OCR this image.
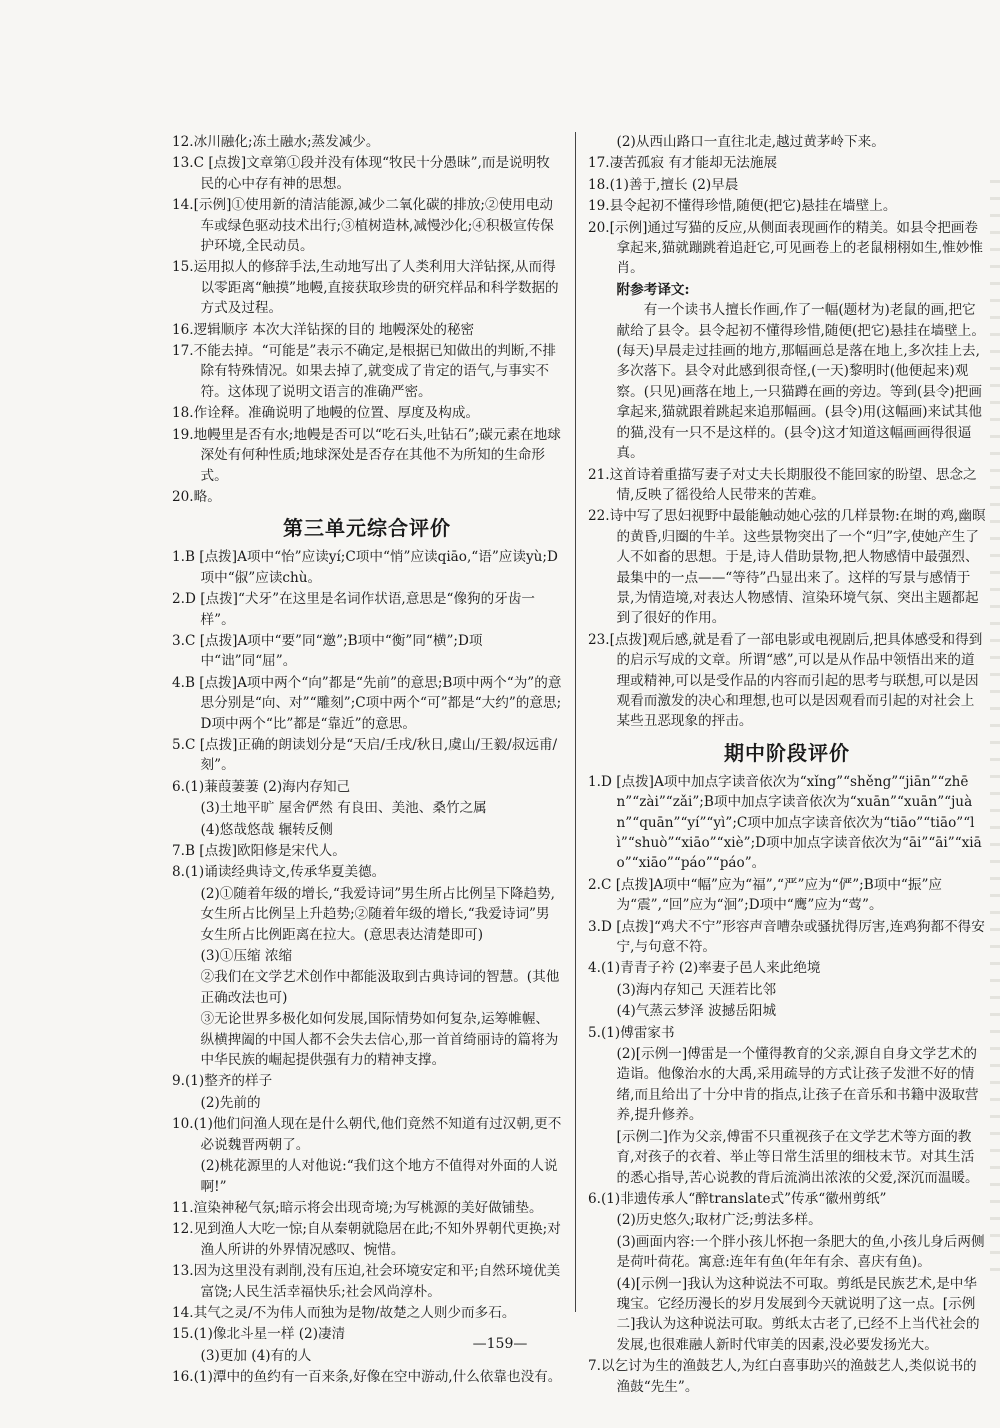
12.冰川融化;冻土融水;蒸发减少。
13.C [点拨]文章第①段并没有体现“牧民十分愚昧”,而是说明牧民的心中存有神的思想。
14.[示例]①使用新的清洁能源,减少二氧化碳的排放;②使用电动车或绿色驱动技术出行;③植树造林,减慢沙化;④积极宣传保护环境,全民动员。
15.运用拟人的修辞手法,生动地写出了人类利用大洋钻探,从而得以零距离“触摸”地幔,直接获取珍贵的研究样品和科学数据的方式及过程。
16.逻辑顺序 本次大洋钻探的目的 地幔深处的秘密
17.不能去掉。“可能是”表示不确定,是根据已知做出的判断,不排除有特殊情况。如果去掉了,就变成了肯定的语气,与事实不符。这体现了说明文语言的准确严密。
18.作诠释。准确说明了地幔的位置、厚度及构成。
19.地幔里是否有水;地幔是否可以“吃石头,吐钻石”;碳元素在地球深处有何种性质;地球深处是否存在其他不为所知的生命形式。
20.略。
第三单元综合评价
1.B [点拨]A项中“怡”应读yí;C项中“悄”应读qiāo,“语”应读yù;D项中“俶”应读chù。
2.D [点拨]“犬牙”在这里是名词作状语,意思是“像狗的牙齿一样”。
3.C [点拨]A项中“要”同“邀”;B项中“衡”同“横”;D项中“诎”同“屈”。
4.B [点拨]A项中两个“向”都是“先前”的意思;B项中两个“为”的意思分别是“向、对”“雕刻”;C项中两个“可”都是“大约”的意思;D项中两个“比”都是“靠近”的意思。
5.C [点拨]正确的朗读划分是“天启/壬戌/秋日,虞山/王毅/叔远甫/刻”。
6.(1)蒹葭萋萋 (2)海内存知己
(3)土地平旷 屋舍俨然 有良田、美池、桑竹之属
(4)悠哉悠哉 辗转反侧
7.B [点拨]欧阳修是宋代人。
8.(1)诵读经典诗文,传承华夏美德。
(2)①随着年级的增长,“我爱诗词”男生所占比例呈下降趋势,女生所占比例呈上升趋势;②随着年级的增长,“我爱诗词”男女生所占比例距离在拉大。(意思表达清楚即可)
(3)①压缩 浓缩
②我们在文学艺术创作中都能汲取到古典诗词的智慧。(其他正确改法也可)
③无论世界多极化如何发展,国际情势如何复杂,运筹帷幄、纵横捭阖的中国人都不会失去信心,那一首首绮丽诗的篇将为中华民族的崛起提供强有力的精神支撑。
9.(1)整齐的样子
(2)先前的
10.(1)他们问渔人现在是什么朝代,他们竟然不知道有过汉朝,更不必说魏晋两朝了。
(2)桃花源里的人对他说:“我们这个地方不值得对外面的人说啊!”
11.渲染神秘气氛;暗示将会出现奇境;为写桃源的美好做铺垫。
12.见到渔人大吃一惊;自从秦朝就隐居在此;不知外界朝代更换;对渔人所讲的外界情况感叹、惋惜。
13.因为这里没有剥削,没有压迫,社会环境安定和平;自然环境优美富饶;人民生活幸福快乐;社会风尚淳朴。
14.其气之灵/不为伟人而独为是物/故楚之人则少而多石。
15.(1)像北斗星一样 (2)凄清
(3)更加 (4)有的人
16.(1)潭中的鱼约有一百来条,好像在空中游动,什么依靠也没有。
(2)从西山路口一直往北走,越过黄茅岭下来。
17.凄苦孤寂 有才能却无法施展
18.(1)善于,擅长 (2)早晨
19.县令起初不懂得珍惜,随便(把它)悬挂在墙壁上。
20.[示例]通过写猫的反应,从侧面表现画作的精美。如县令把画卷拿起来,猫就蹦跳着追赶它,可见画卷上的老鼠栩栩如生,惟妙惟肖。
附参考译文:
有一个读书人擅长作画,作了一幅(题材为)老鼠的画,把它献给了县令。县令起初不懂得珍惜,随便(把它)悬挂在墙壁上。(每天)早晨走过挂画的地方,那幅画总是落在地上,多次挂上去,多次落下。县令对此感到很奇怪,(一天)黎明时(他便起来)观察。(只见)画落在地上,一只猫蹲在画的旁边。等到(县令)把画拿起来,猫就跟着跳起来追那幅画。(县令)用(这幅画)来试其他的猫,没有一只不是这样的。(县令)这才知道这幅画画得很逼真。
21.这首诗着重描写妻子对丈夫长期服役不能回家的盼望、思念之情,反映了徭役给人民带来的苦难。
22.诗中写了思妇视野中最能触动她心弦的几样景物:在埘的鸡,幽暝的黄昏,归圈的牛羊。这些景物突出了一个“归”字,使她产生了人不如畜的思想。于是,诗人借助景物,把人物感情中最强烈、最集中的一点——“等待”凸显出来了。这样的写景与感情于景,为情造境,对表达人物感情、渲染环境气氛、突出主题都起到了很好的作用。
23.[点拨]观后感,就是看了一部电影或电视剧后,把具体感受和得到的启示写成的文章。所谓“感”,可以是从作品中领悟出来的道理或精神,可以是受作品的内容而引起的思考与联想,可以是因观看而激发的决心和理想,也可以是因观看而引起的对社会上某些丑恶现象的抨击。
期中阶段评价
1.D [点拨]A项中加点字读音依次为“xǐng”“shěng”“jiān”“zhēn”“zài”“zǎi”;B项中加点字读音依次为“xuān”“xuān”“juàn”“quān”“yí”“yì”;C项中加点字读音依次为“tiāo”“tiāo”“lì”“shuò”“xiāo”“xiè”;D项中加点字读音依次为“āi”“āi”“xiāo”“xiāo”“páo”“páo”。
2.C [点拨]A项中“幅”应为“福”,“严”应为“俨”;B项中“振”应为“震”,“回”应为“洄”;D项中“鹰”应为“莺”。
3.D [点拨]“鸡犬不宁”形容声音嘈杂或骚扰得厉害,连鸡狗都不得安宁,与句意不符。
4.(1)青青子衿 (2)率妻子邑人来此绝境
(3)海内存知己 天涯若比邻
(4)气蒸云梦泽 波撼岳阳城
5.(1)傅雷家书
(2)[示例一]傅雷是一个懂得教育的父亲,源自自身文学艺术的造诣。他像治水的大禹,采用疏导的方式让孩子发泄不好的情绪,而且给出了十分中肯的指点,让孩子在音乐和书籍中汲取营养,提升修养。
[示例二]作为父亲,傅雷不只重视孩子在文学艺术等方面的教育,对孩子的衣着、举止等日常生活里的细枝末节。对其生活的悉心指导,苦心说教的背后流淌出浓浓的父爱,深沉而温暖。
6.(1)非遗传承人“醉translate式”传承“徽州剪纸”
(2)历史悠久;取材广泛;剪法多样。
(3)画面内容:一个胖小孩儿怀抱一条肥大的鱼,小孩儿身后两侧是荷叶荷花。寓意:连年有鱼(年年有余、喜庆有鱼)。
(4)[示例一]我认为这种说法不可取。剪纸是民族艺术,是中华瑰宝。它经历漫长的岁月发展到今天就说明了这一点。[示例二]我认为这种说法可取。剪纸太古老了,已经不上当代社会的发展,也很难融人新时代审美的因素,没必要发扬光大。
7.以乞讨为生的渔鼓艺人,为红白喜事助兴的渔鼓艺人,类似说书的渔鼓“先生”。
—159—
